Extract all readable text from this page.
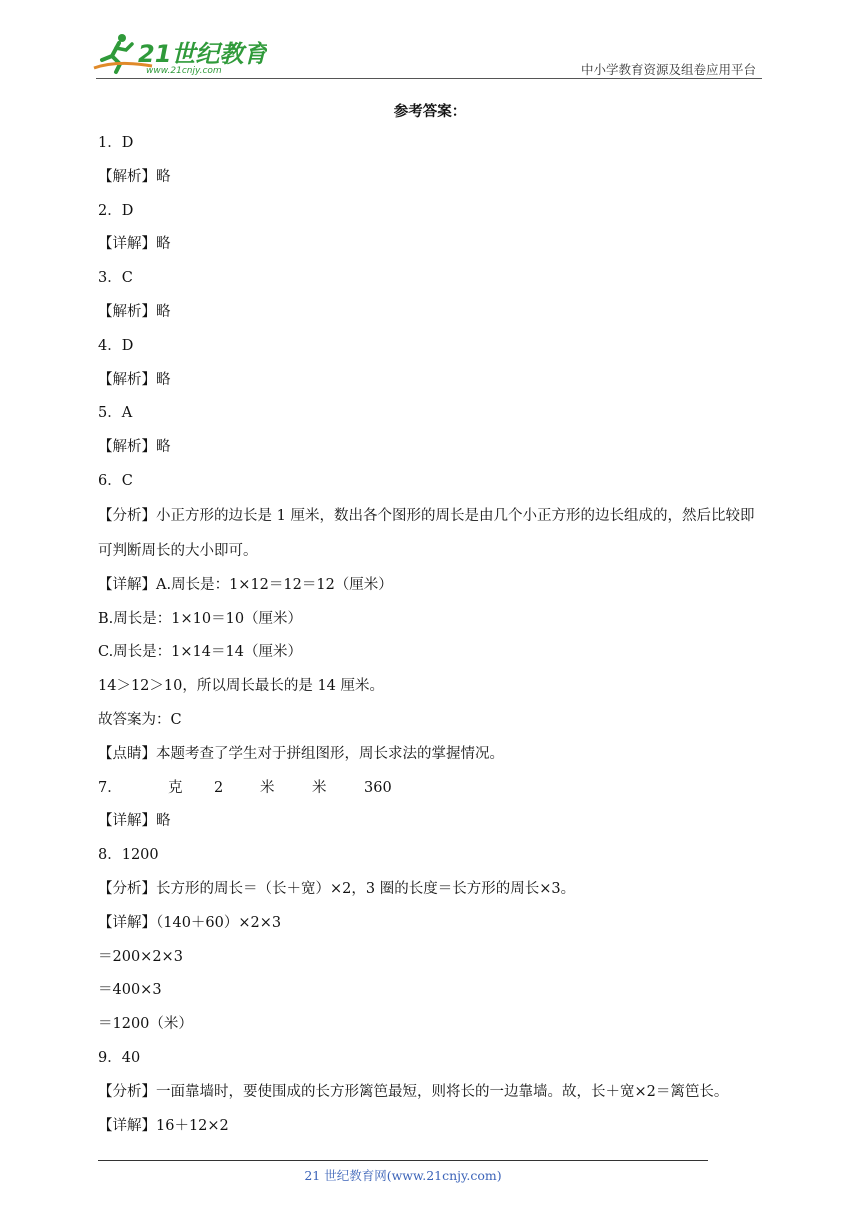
21世纪教育
www.21cnjy.com	中小学教育资源及组卷应用平台
参考答案：
1．D
【解析】略
2．D
【详解】略
3．C
【解析】略
4．D
【解析】略
5．A
【解析】略
6．C
【分析】小正方形的边长是 1 厘米，数出各个图形的周长是由几个小正方形的边长组成的，然后比较即可判断周长的大小即可。
【详解】A.周长是：1×12＝12＝12（厘米）
B.周长是：1×10＝10（厘米）
C.周长是：1×14＝14（厘米）
14＞12＞10，所以周长最长的是 14 厘米。
故答案为：C
【点睛】本题考查了学生对于拼组图形，周长求法的掌握情况。
7．	克 2	米	米	360
【详解】略
8．1200
【分析】长方形的周长＝（长＋宽）×2，3 圈的长度＝长方形的周长×3。
【详解】（140＋60）×2×3
＝200×2×3
＝400×3
＝1200（米）
9．40
【分析】一面靠墙时，要使围成的长方形篱笆最短，则将长的一边靠墙。故，长＋宽×2＝篱笆长。
【详解】16＋12×2
21 世纪教育网(www.21cnjy.com)
